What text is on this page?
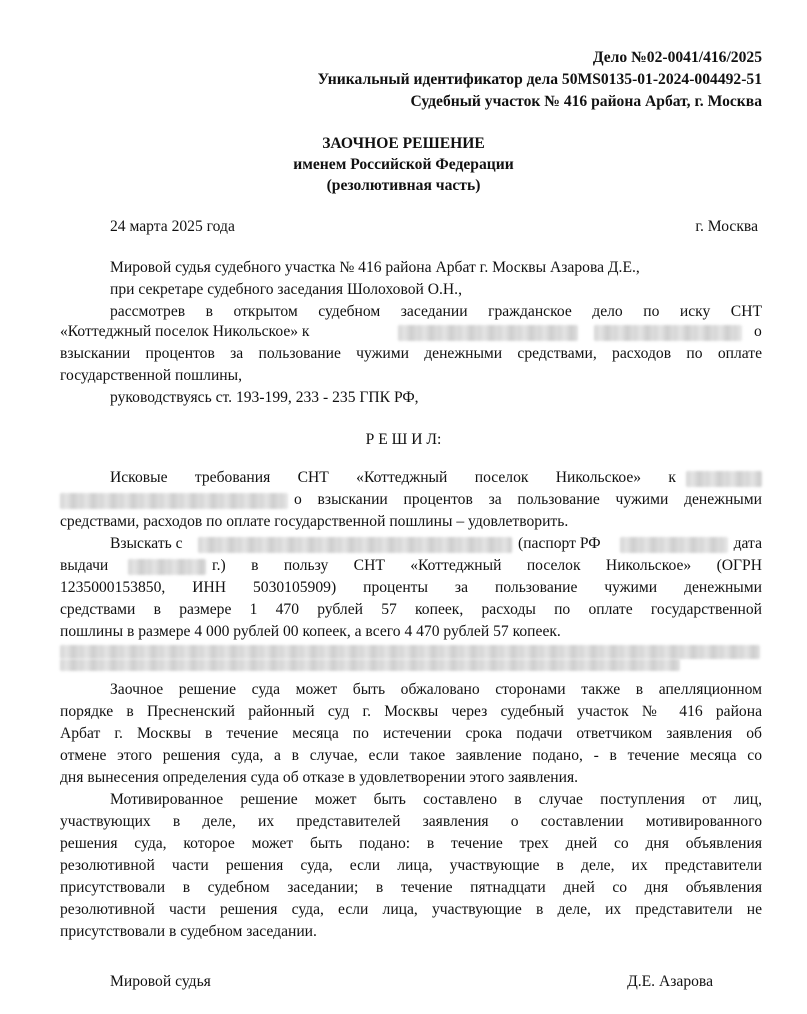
Дело №02-0041/416/2025
Уникальный идентификатор дела 50MS0135-01-2024-004492-51
Судебный участок № 416 района Арбат, г. Москва
ЗАОЧНОЕ РЕШЕНИЕ
именем Российской Федерации
(резолютивная часть)
24 марта 2025 года	г. Москва
Мировой судья судебного участка № 416 района Арбат г. Москвы Азарова Д.Е.,
при секретаре судебного заседания Шолоховой О.Н.,
рассмотрев в открытом судебном заседании гражданское дело по иску СНТ
«Коттеджный поселок Никольское» к	о
взыскании процентов за пользование чужими денежными средствами, расходов по оплате
государственной пошлины,
руководствуясь ст. 193-199, 233 - 235 ГПК РФ,
Р Е Ш И Л:
Исковые требования СНТ «Коттеджный поселок Никольское» к
о взыскании процентов за пользование чужими денежными
средствами, расходов по оплате государственной пошлины – удовлетворить.
Взыскать с	(паспорт РФ	дата
выдачи	г.) в пользу СНТ «Коттеджный поселок Никольское» (ОГРН
1235000153850, ИНН 5030105909) проценты за пользование чужими денежными
средствами в размере 1 470 рублей 57 копеек, расходы по оплате государственной
пошлины в размере 4 000 рублей 00 копеек, а всего 4 470 рублей 57 копеек.
Заочное решение суда может быть обжаловано сторонами также в апелляционном
порядке в Пресненский районный суд г. Москвы через судебный участок № 416 района
Арбат г. Москвы в течение месяца по истечении срока подачи ответчиком заявления об
отмене этого решения суда, а в случае, если такое заявление подано, - в течение месяца со
дня вынесения определения суда об отказе в удовлетворении этого заявления.
Мотивированное решение может быть составлено в случае поступления от лиц,
участвующих в деле, их представителей заявления о составлении мотивированного
решения суда, которое может быть подано: в течение трех дней со дня объявления
резолютивной части решения суда, если лица, участвующие в деле, их представители
присутствовали в судебном заседании; в течение пятнадцати дней со дня объявления
резолютивной части решения суда, если лица, участвующие в деле, их представители не
присутствовали в судебном заседании.
Мировой судья	Д.Е. Азарова
